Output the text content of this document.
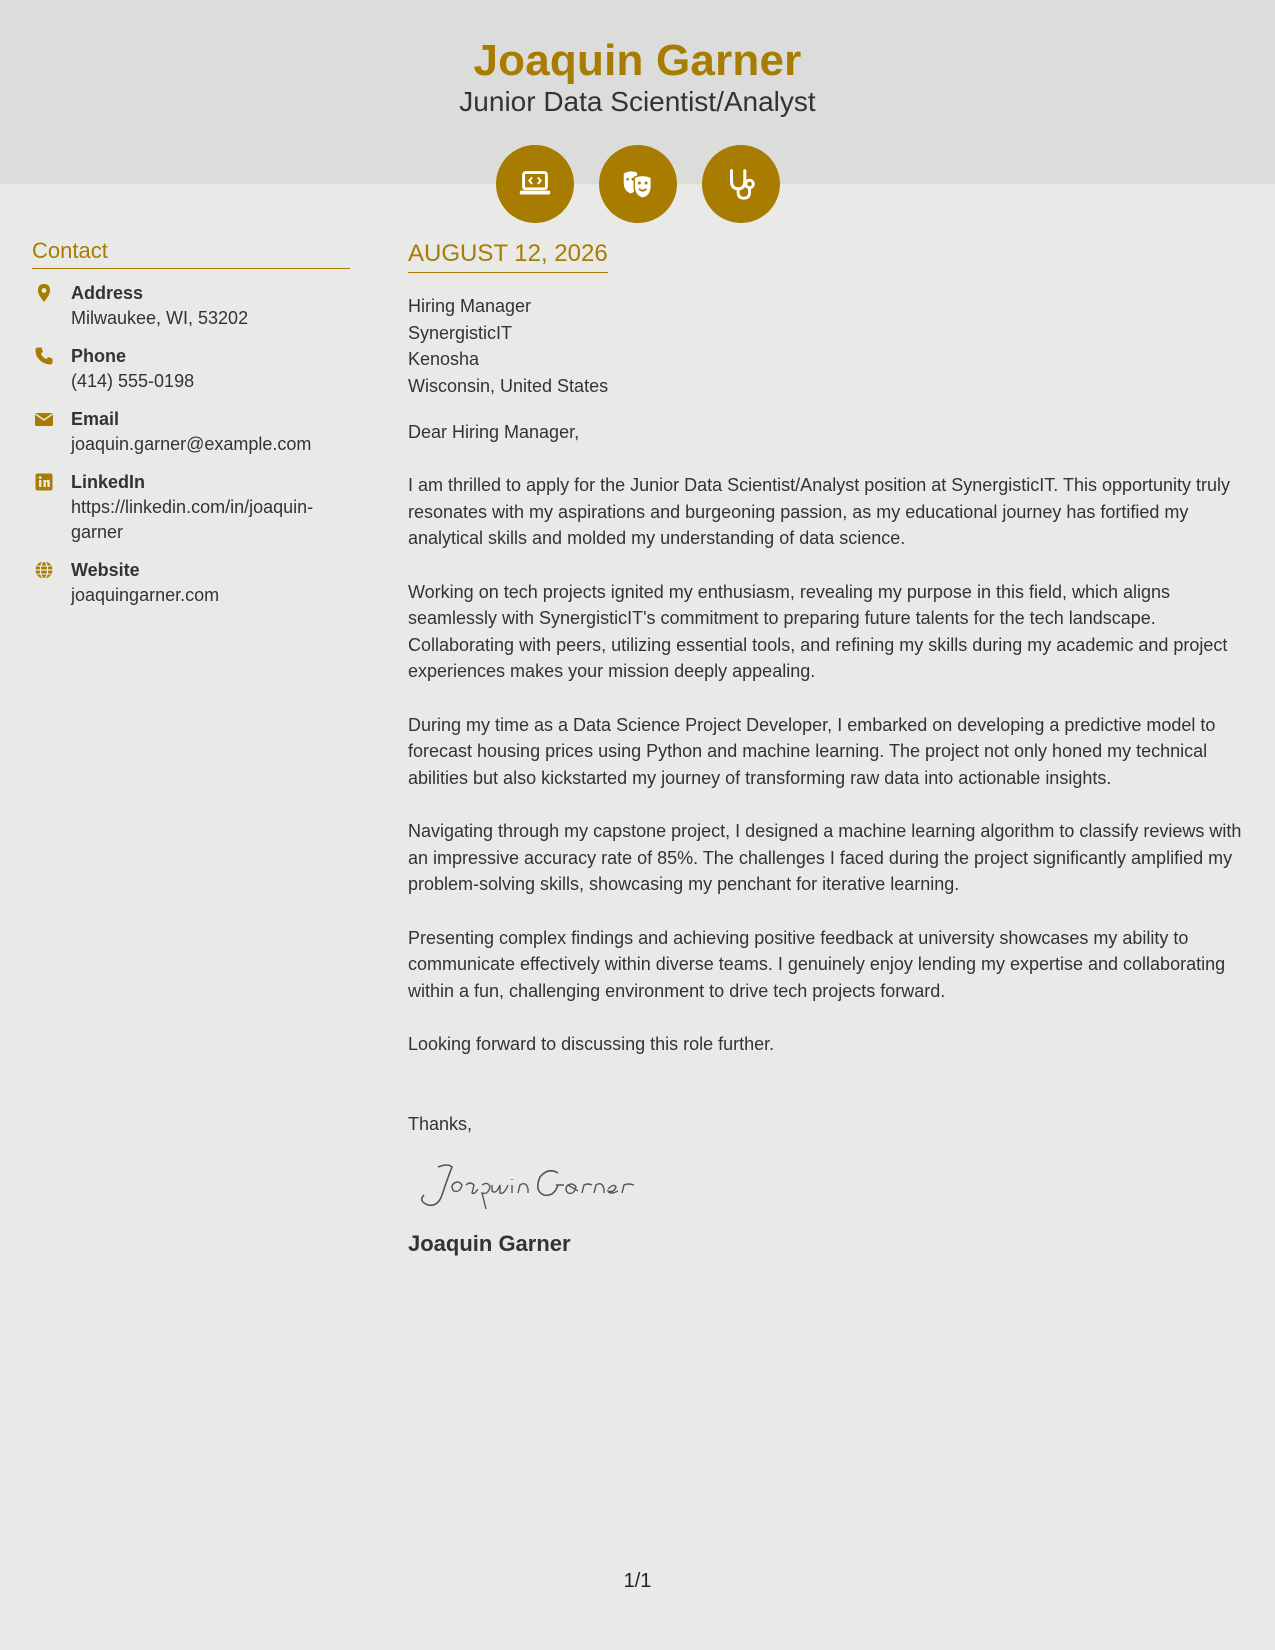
Joaquin Garner
Junior Data Scientist/Analyst
Contact
Address
Milwaukee, WI, 53202
Phone
(414) 555-0198
Email
joaquin.garner@example.com
LinkedIn
https://linkedin.com/in/joaquin-
garner
Website
joaquingarner.com
AUGUST 12, 2026
Hiring Manager
SynergisticIT
Kenosha
Wisconsin, United States
Dear Hiring Manager,
I am thrilled to apply for the Junior Data Scientist/Analyst position at SynergisticIT. This opportunity truly resonates with my aspirations and burgeoning passion, as my educational journey has fortified my analytical skills and molded my understanding of data science.
Working on tech projects ignited my enthusiasm, revealing my purpose in this field, which aligns seamlessly with SynergisticIT's commitment to preparing future talents for the tech landscape. Collaborating with peers, utilizing essential tools, and refining my skills during my academic and project experiences makes your mission deeply appealing.
During my time as a Data Science Project Developer, I embarked on developing a predictive model to forecast housing prices using Python and machine learning. The project not only honed my technical abilities but also kickstarted my journey of transforming raw data into actionable insights.
Navigating through my capstone project, I designed a machine learning algorithm to classify reviews with an impressive accuracy rate of 85%. The challenges I faced during the project significantly amplified my problem-solving skills, showcasing my penchant for iterative learning.
Presenting complex findings and achieving positive feedback at university showcases my ability to communicate effectively within diverse teams. I genuinely enjoy lending my expertise and collaborating within a fun, challenging environment to drive tech projects forward.
Looking forward to discussing this role further.
Thanks,
Joaquin Garner
1/1
